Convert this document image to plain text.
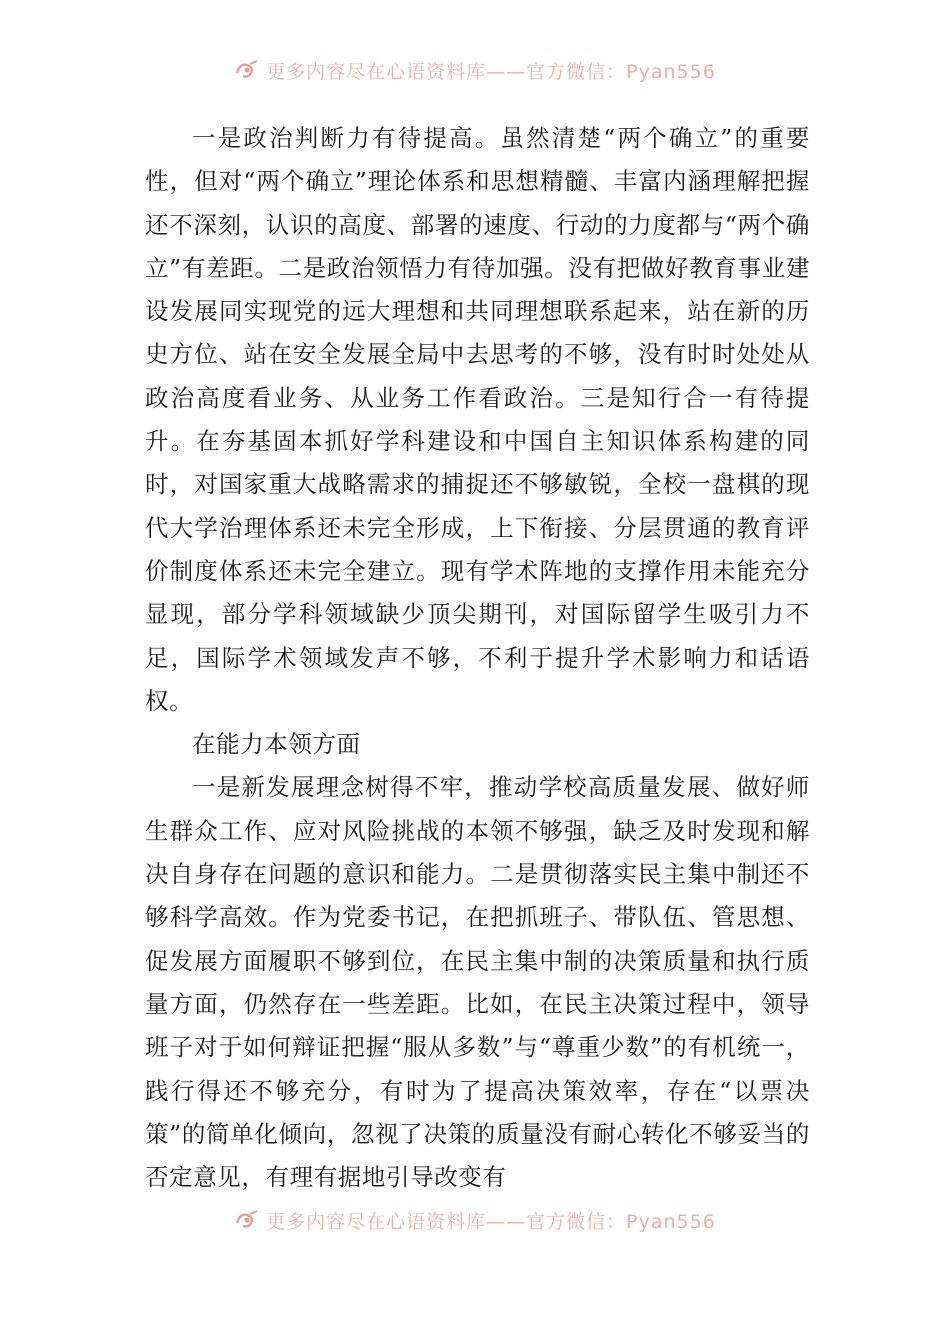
更多内容尽在心语资料库——官方微信：Pyan556

一是政治判断力有待提高。虽然清楚“两个确立”的重要性，但对“两个确立”理论体系和思想精髓、丰富内涵理解把握还不深刻，认识的高度、部署的速度、行动的力度都与“两个确立”有差距。二是政治领悟力有待加强。没有把做好教育事业建设发展同实现党的远大理想和共同理想联系起来，站在新的历史方位、站在安全发展全局中去思考的不够，没有时时处处从政治高度看业务、从业务工作看政治。三是知行合一有待提升。在夯基固本抓好学科建设和中国自主知识体系构建的同时，对国家重大战略需求的捕捉还不够敏锐，全校一盘棋的现代大学治理体系还未完全形成，上下衔接、分层贯通的教育评价制度体系还未完全建立。现有学术阵地的支撑作用未能充分显现，部分学科领域缺少顶尖期刊，对国际留学生吸引力不足，国际学术领域发声不够，不利于提升学术影响力和话语权。

在能力本领方面

一是新发展理念树得不牢，推动学校高质量发展、做好师生群众工作、应对风险挑战的本领不够强，缺乏及时发现和解决自身存在问题的意识和能力。二是贯彻落实民主集中制还不够科学高效。作为党委书记，在把抓班子、带队伍、管思想、促发展方面履职不够到位，在民主集中制的决策质量和执行质量方面，仍然存在一些差距。比如，在民主决策过程中，领导班子对于如何辩证把握“服从多数”与“尊重少数”的有机统一，践行得还不够充分，有时为了提高决策效率，存在“以票决策”的简单化倾向，忽视了决策的质量没有耐心转化不够妥当的否定意见，有理有据地引导改变有

更多内容尽在心语资料库——官方微信：Pyan556
